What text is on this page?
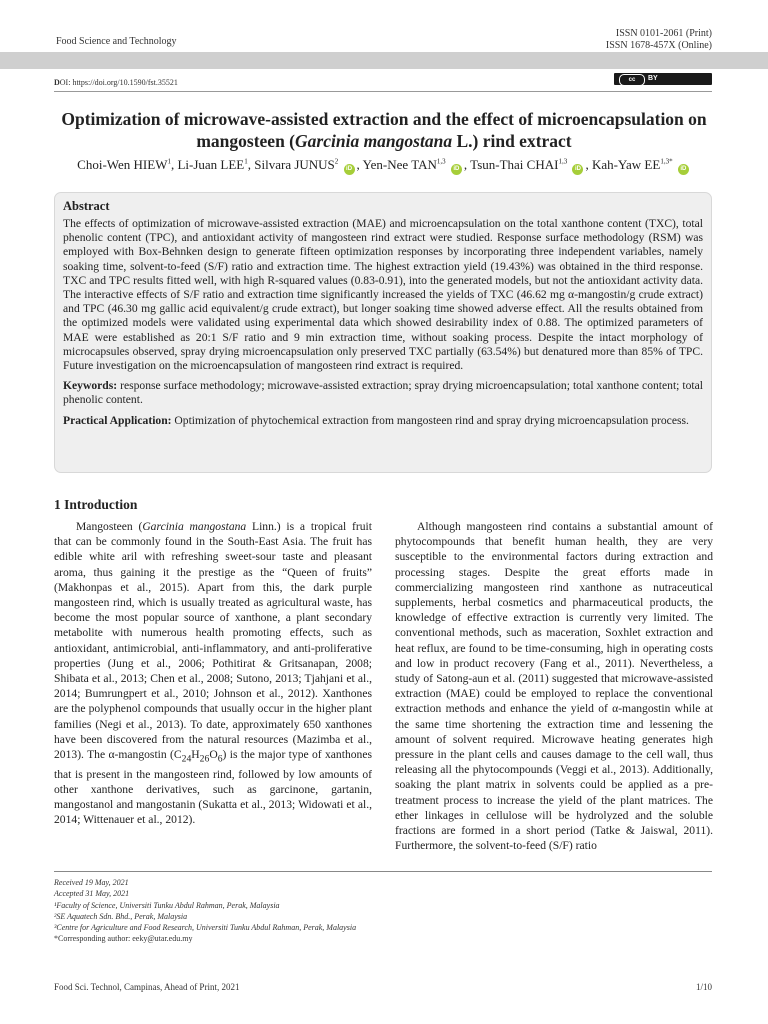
Food Science and Technology
ISSN 0101-2061 (Print)
ISSN 1678-457X (Online)
DOI: https://doi.org/10.1590/fst.35521	cc	BY
Optimization of microwave-assisted extraction and the effect of microencapsulation on
mangosteen (Garcinia mangostana L.) rind extract
Choi-Wen HIEW$^1$, Li-Juan LEE$^1$, Silvara JUNUS$^2$ iD , Yen-Nee TAN$^{1,3}$ iD , Tsun-Thai CHAI$^{1,3}$ iD , Kah-Yaw $EE^{1,3*}$ iD
Abstract

The effects of optimization of microwave-assisted extraction (MAE) and microencapsulation on the total xanthone content (TXC), total phenolic content (TPC), and antioxidant activity of mangosteen rind extract were studied. Response surface methodology (RSM) was employed with Box-Behnken design to generate fifteen optimization responses by incorporating three independent variables, namely soaking time, solvent-to-feed (S/F) ratio and extraction time. The highest extraction yield (19.43%) was obtained in the third response. TXC and TPC results fitted well, with high R-squared values (0.83-0.91), into the generated models, but not the antioxidant activity data. The interactive effects of S/F ratio and extraction time significantly increased the yields of TXC (46.62 mg α-mangostin/g crude extract) and TPC (46.30 mg gallic acid equivalent/g crude extract), but longer soaking time showed adverse effect. All the results obtained from the optimized models were validated using experimental data which showed desirability index of 0.88. The optimized parameters of MAE were established as 20:1 S/F ratio and 9 min extraction time, without soaking process. Despite the intact morphology of microcapsules observed, spray drying microencapsulation only preserved TXC partially (63.54%) but denatured more than 85% of TPC. Future investigation on the microencapsulation of mangosteen rind extract is required.

Keywords: response surface methodology; microwave-assisted extraction; spray drying microencapsulation; total xanthone content; total phenolic content.

Practical Application: Optimization of phytochemical extraction from mangosteen rind and spray drying microencapsulation process.

1 Introduction

Mangosteen (Garcinia mangostana Linn.) is a tropical fruit that can be commonly found in the South-East Asia. The fruit has edible white aril with refreshing sweet-sour taste and pleasant aroma, thus gaining it the prestige as the “Queen of fruits” (Makhonpas et al., 2015). Apart from this, the dark purple mangosteen rind, which is usually treated as agricultural waste, has become the most popular source of xanthone, a plant secondary metabolite with numerous health promoting effects, such as antioxidant, antimicrobial, anti-inflammatory, and anti-proliferative properties (Jung et al., 2006; Pothitirat & Gritsanapan, 2008; Shibata et al., 2013; Chen et al., 2008; Sutono, 2013; Tjahjani et al., 2014; Bumrungpert et al., 2010; Johnson et al., 2012). Xanthones are the polyphenol compounds that usually occur in the higher plant families (Negi et al., 2013). To date, approximately 650 xanthones have been discovered from the natural resources (Mazimba et al., 2013). The α-mangostin $(C_{24}H_{26}O_6)$ is the major type of xanthones that is present in the mangosteen rind, followed by low amounts of other xanthone derivatives, such as garcinone, gartanin, mangostanol and mangostanin (Sukatta et al., 2013; Widowati et al., 2014; Wittenauer et al., 2012).

Although mangosteen rind contains a substantial amount of phytocompounds that benefit human health, they are very susceptible to the environmental factors during extraction and processing stages. Despite the great efforts made in commercializing mangosteen rind xanthone as nutraceutical supplements, herbal cosmetics and pharmaceutical products, the knowledge of effective extraction is currently very limited. The conventional methods, such as maceration, Soxhlet extraction and heat reflux, are found to be time-consuming, high in operating costs and low in product recovery (Fang et al., 2011). Nevertheless, a study of Satong-aun et al. (2011) suggested that microwave-assisted extraction (MAE) could be employed to replace the conventional extraction methods and enhance the yield of α-mangostin while at the same time shortening the extraction time and lessening the amount of solvent required. Microwave heating generates high pressure in the plant cells and causes damage to the cell wall, thus releasing all the phytocompounds (Veggi et al., 2013). Additionally, soaking the plant matrix in solvents could be applied as a pre-treatment process to increase the yield of the plant matrices. The ether linkages in cellulose will be hydrolyzed and the soluble fractions are formed in a short period (Tatke & Jaiswal, 2011). Furthermore, the solvent-to-feed (S/F) ratio

Received 19 May, 2021
Accepted 31 May, 2021
¹Faculty of Science, Universiti Tunku Abdul Rahman, Perak, Malaysia
²SE Aquatech Sdn. Bhd., Perak, Malaysia
³Centre for Agriculture and Food Research, Universiti Tunku Abdul Rahman, Perak, Malaysia
*Corresponding author: eeky@utar.edu.my
Food Sci. Technol, Campinas, Ahead of Print, 2021	1/10
